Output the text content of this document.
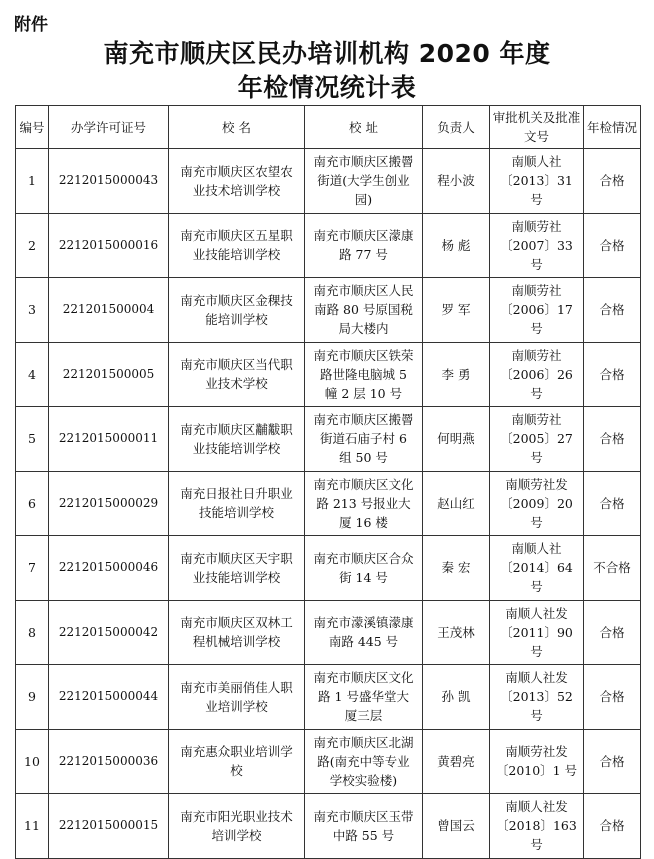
附件
南充市顺庆区民办培训机构 2020 年度
年检情况统计表
编号	办学许可证号	校 名	校 址	负责人	审批机关及批准文号	年检情况
1	2212015000043	南充市顺庆区农望农业技术培训学校	南充市顺庆区搬罾街道(大学生创业园)	程小波	南顺人社〔2013〕31 号	合格
2	2212015000016	南充市顺庆区五星职业技能培训学校	南充市顺庆区濛康路 77 号	杨 彪	南顺劳社〔2007〕33 号	合格
3	221201500004	南充市顺庆区金稞技能培训学校	南充市顺庆区人民南路 80 号原国税局大楼内	罗 军	南顺劳社〔2006〕17 号	合格
4	221201500005	南充市顺庆区当代职业技术学校	南充市顺庆区铁荣路世隆电脑城 5 幢 2 层 10 号	李 勇	南顺劳社〔2006〕26 号	合格
5	2212015000011	南充市顺庆区黼黻职业技能培训学校	南充市顺庆区搬罾街道石庙子村 6 组 50 号	何明燕	南顺劳社〔2005〕27 号	合格
6	2212015000029	南充日报社日升职业技能培训学校	南充市顺庆区文化路 213 号报业大厦 16 楼	赵山红	南顺劳社发〔2009〕20 号	合格
7	2212015000046	南充市顺庆区天宇职业技能培训学校	南充市顺庆区合众街 14 号	秦 宏	南顺人社〔2014〕64 号	不合格
8	2212015000042	南充市顺庆区双林工程机械培训学校	南充市濛溪镇濛康南路 445 号	王茂林	南顺人社发〔2011〕90 号	合格
9	2212015000044	南充市美丽俏佳人职业培训学校	南充市顺庆区文化路 1 号盛华堂大厦三层	孙 凯	南顺人社发〔2013〕52 号	合格
10	2212015000036	南充惠众职业培训学校	南充市顺庆区北湖路(南充中等专业学校实验楼)	黄碧亮	南顺劳社发〔2010〕1 号	合格
11	2212015000015	南充市阳光职业技术培训学校	南充市顺庆区玉带中路 55 号	曾国云	南顺人社发〔2018〕163 号	合格
